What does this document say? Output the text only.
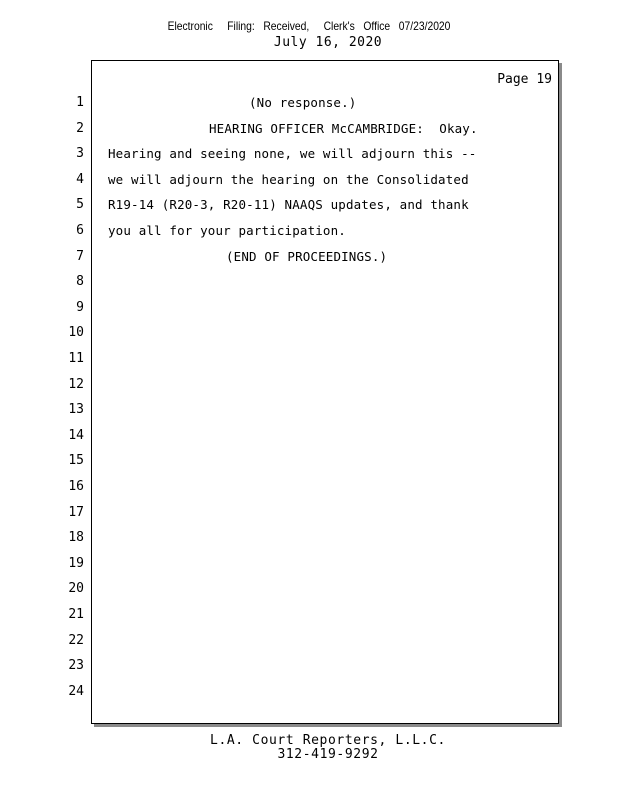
Electronic     Filing:   Received,     Clerk's   Office   07/23/2020
July 16, 2020
Page 19
1
2
3
4
5
6
7
8
9
10
11
12
13
14
15
16
17
18
19
20
21
22
23
24
(No response.)
HEARING OFFICER McCAMBRIDGE:  Okay.
Hearing and seeing none, we will adjourn this --
we will adjourn the hearing on the Consolidated
R19-14 (R20-3, R20-11) NAAQS updates, and thank
you all for your participation.
(END OF PROCEEDINGS.)
L.A. Court Reporters, L.L.C.
312-419-9292
